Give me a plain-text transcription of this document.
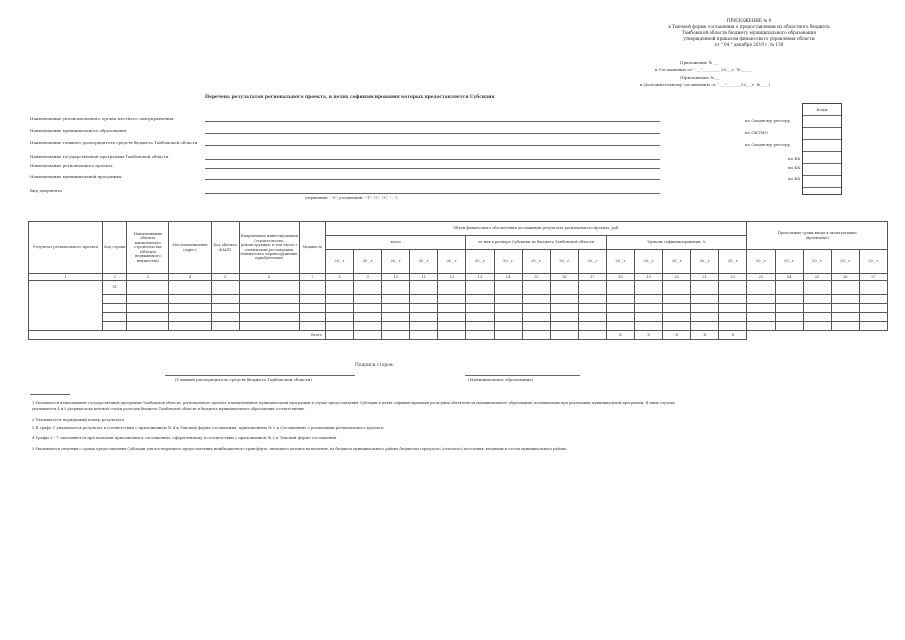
ПРИЛОЖЕНИЕ № 9
к Типовой форме соглашения о предоставлении из областного бюджета
Тамбовской области бюджету муниципального образования
утвержденной приказом финансового управления области
от " 04 " декабря 2019 г. № 150
Приложение №___
к Соглашению от "___"_________20___г. №______
(Приложение №___
к Дополнительному соглашению от "___"_______20___г. №____)
Перечень результатов регионального проекта, в целях софинансирования которых предоставляется Субсидия
Коды
Наименование уполномоченного органа местного самоуправления	по Сводному реестру
Наименование муниципального образования	по ОКТМО
Наименование главного распорядителя средств бюджета Тамбовской области	по Сводному реестру
Наименование государственной программы Тамбовской области	по БК
Наименование регионального проекта	по БК
Наименование муниципальной программы	по БК
Вид документа
(первичный - "0", уточненный - "1", "2", "3", "...")
Результат регионального проекта	Код строки	Наименование объекта капитального строительства (объекта недвижимого имущества)	Местонахождение (адрес)	Код объекта ФАИП	Направление инвестирования (строительство, реконструкция, в том числе с элементами реставрации, техническое перевооружение, приобретение)	Мощность	Объем финансового обеспечения достижения результата регионального проекта, руб.															Предельные сроки ввода в эксплуатацию
(проектные)				
							всего					из них в размере Субсидии из бюджета Тамбовской области					Уровень софинансирования, %									
							20__г	20__г	20__г	20__г	20__г	20__г	20__г	20__г	20__г	20__г	20__г	20__г	20__г	20__г	20__г	20__г	20__г	20__г	20__г	20__г
1	2	3	4	5	6	7	8	9	10	11	12	13	14	15	16	17	18	19	20	21	22	23	24	25	26	27
	01																									

Всего																	Х	Х	Х	Х	Х					
Подписи сторон:
(Главный распорядитель средств бюджета Тамбовской области)	(Муниципальное образование)
1 Указывается наименование государственной программы Тамбовской области, регионального проекта и наименование муниципальной программы в случае предоставления Субсидии в целях софинансирования расходных обязательств муниципального образования, возникающих при реализации муниципальной программы. В иных случаях
указываются 4 и 5 разряды кода целевой статьи расходов бюджета Тамбовской области и бюджета муниципального образования соответственно.
2 Указывается порядковый номер результата
3 В графе 1 указывается результат в соответствии с приложением № 4 к Типовой форме соглашения, приложением № 2 к Соглашению о реализации регионального проекта.
4 Графы 3 - 7 заполняются при наличии приложения к соглашению, оформленному в соответствии с приложением № 2 к Типовой форме соглашения.
5 Указываются сведения о сроках предоставления Субсидии для последующего предоставления межбюджетного трансферта, имеющего целевое назначение, из бюджета муниципального района бюджетам городского (сельского) поселения, входящих в состав муниципального района.
